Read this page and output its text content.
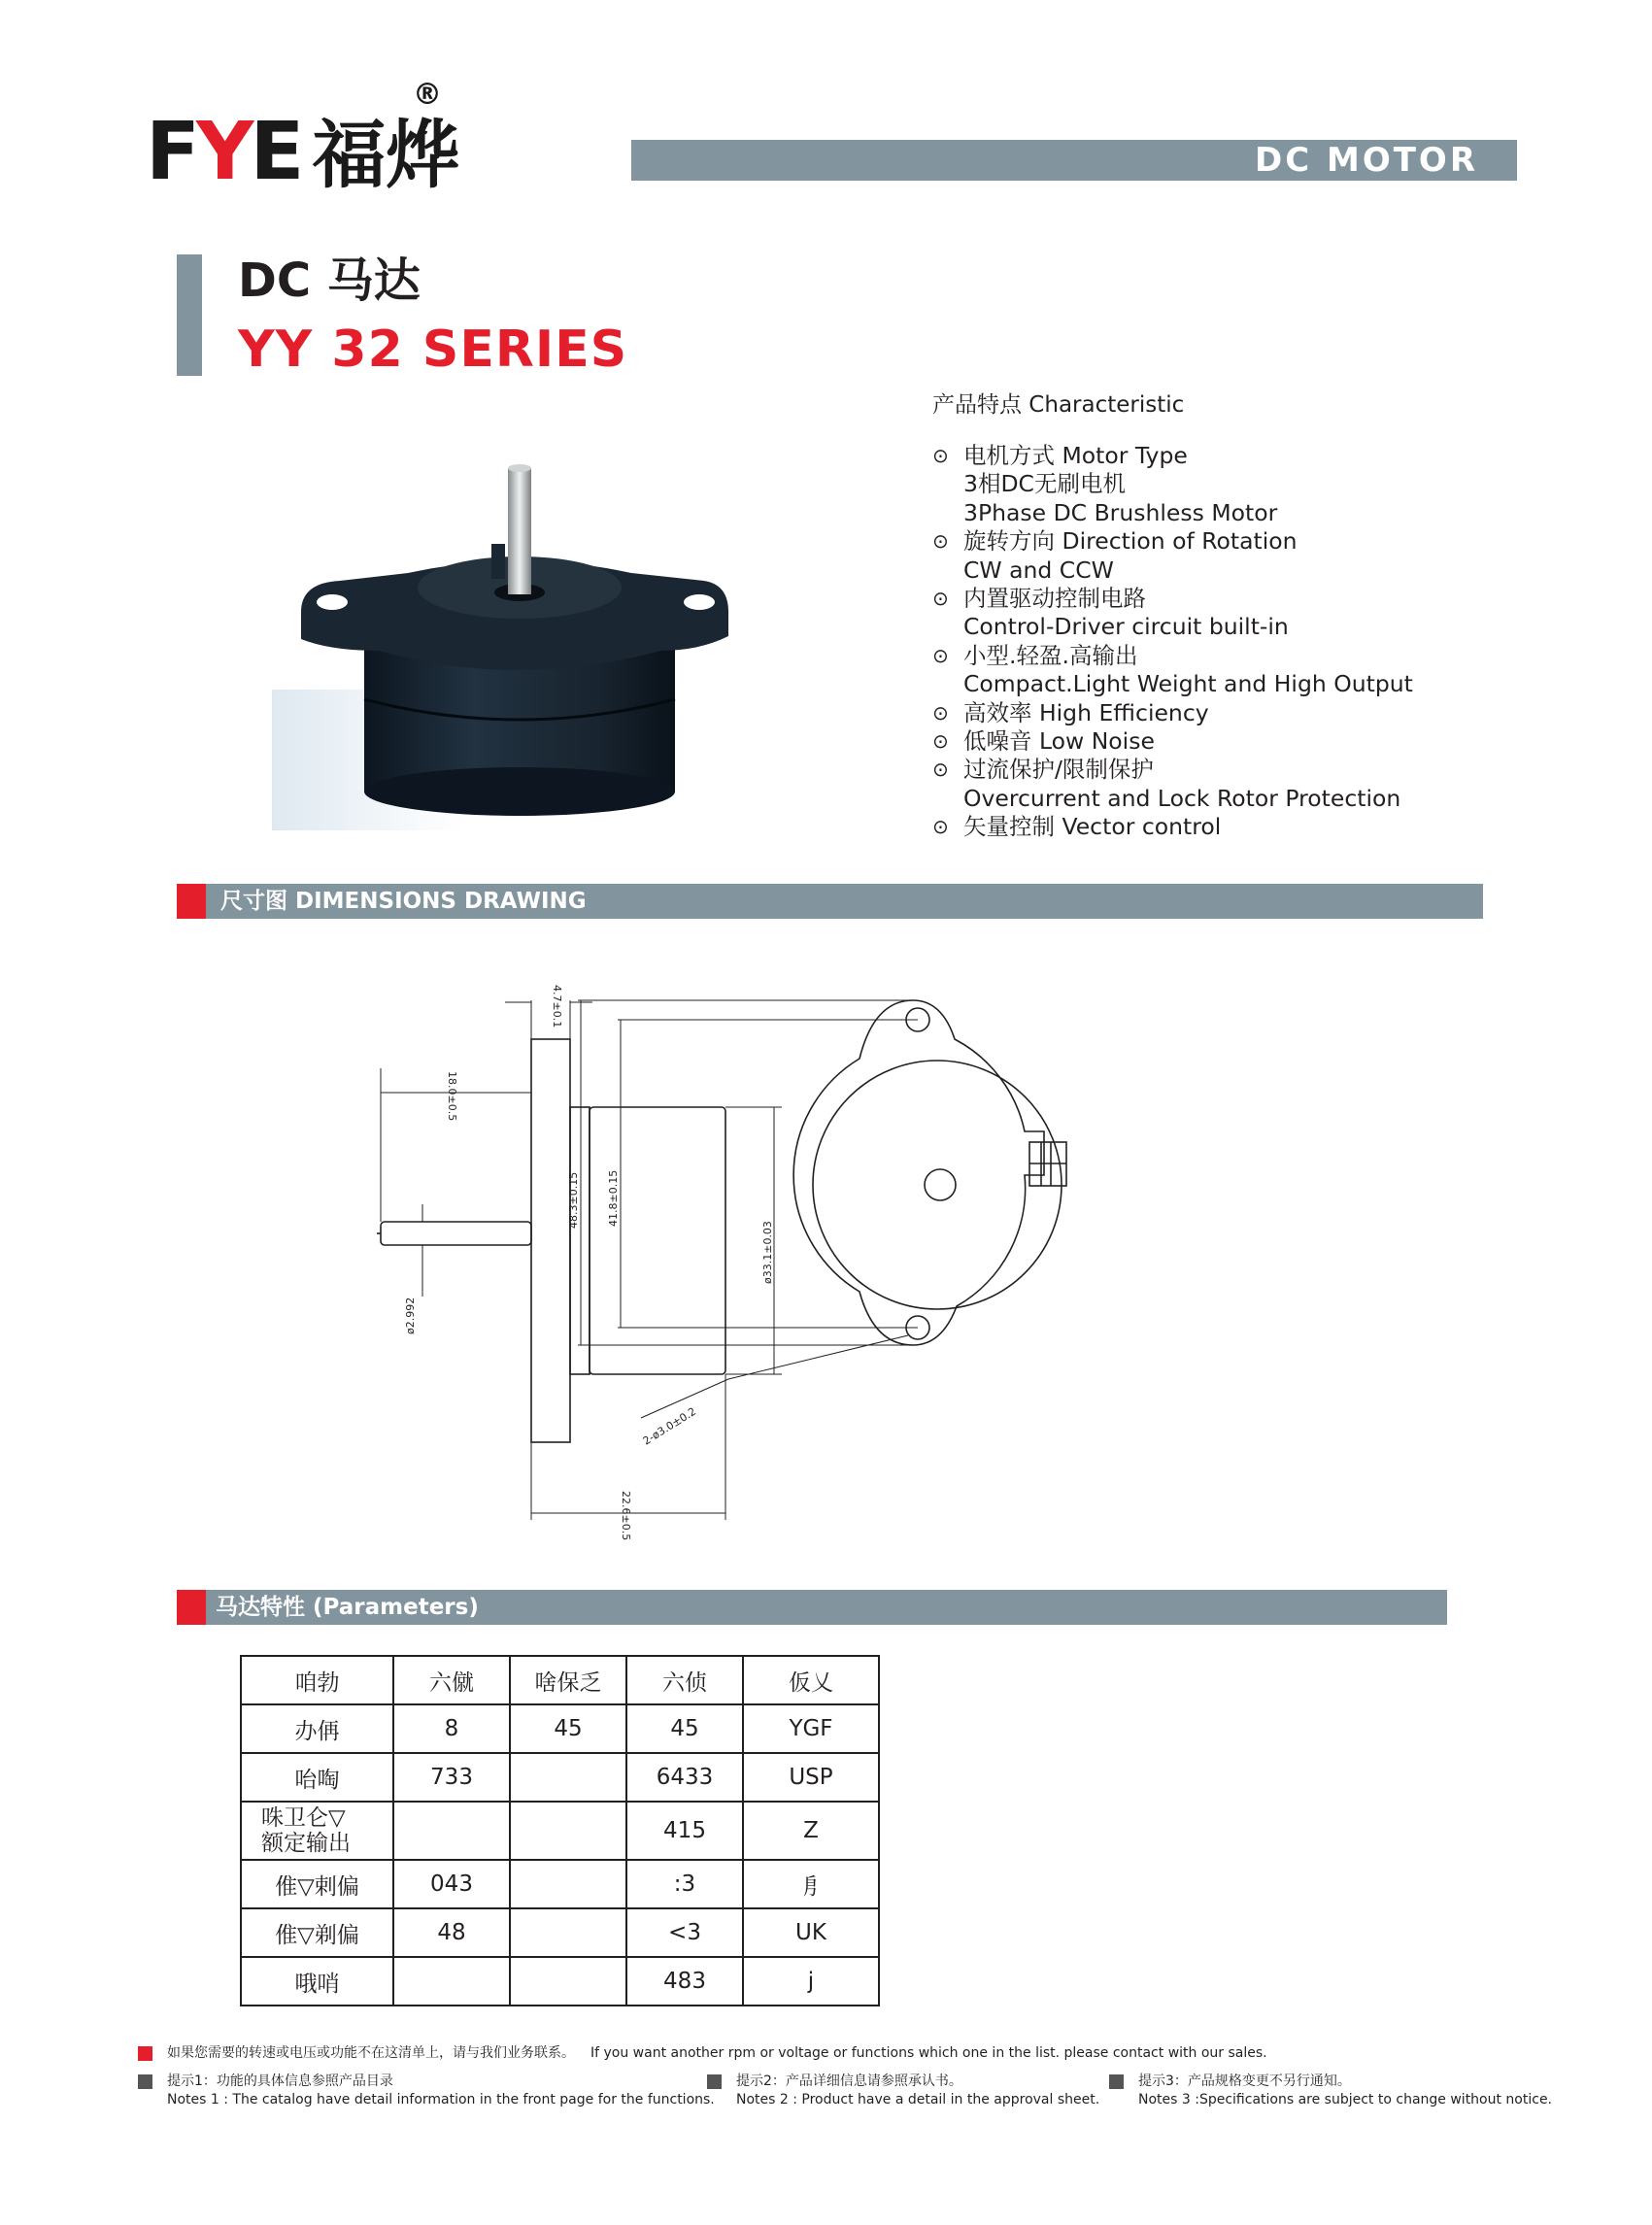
FYE 福烨
®
DC MOTOR
DC 马达
YY 32 SERIES
产品特点 Characteristic
⊙ 电机方式 Motor Type
3相DC无刷电机
3Phase DC Brushless Motor
⊙ 旋转方向 Direction of Rotation
CW and CCW
⊙ 内置驱动控制电路
Control-Driver circuit built-in
⊙ 小型.轻盈.高输出
Compact.Light Weight and High Output
⊙ 高效率 High Efficiency
⊙ 低噪音 Low Noise
⊙ 过流保护/限制保护
Overcurrent and Lock Rotor Protection
⊙ 矢量控制 Vector control
尺寸图 DIMENSIONS DRAWING
4.7±0.1
18.0±0.5
ø2.992
ø33.1±0.03
22.6±0.5
48.3±0.15	41.8±0.15
2-ø3.0±0.2
马达特性 (Parameters)
咱勃	六僦	啥保乏	六侦	仮乂
办侢	8	45	45	YGF
咍啕	733		6433	USP
咮卫仑▽
额定输出			415	Z
倠▽剌偏	043		:3	㐆
倠▽剃偏	48		<3	UK
哦哨			483	j
如果您需要的转速或电压或功能不在这清单上，请与我们业务联系。 If you want another rpm or voltage or functions which one in the list. please contact with our sales.
提示1：功能的具体信息参照产品目录
Notes 1 : The catalog have detail information in the front page for the functions.
提示2：产品详细信息请参照承认书。
Notes 2 : Product have a detail in the approval sheet.
提示3：产品规格变更不另行通知。
Notes 3 :Specifications are subject to change without notice.
